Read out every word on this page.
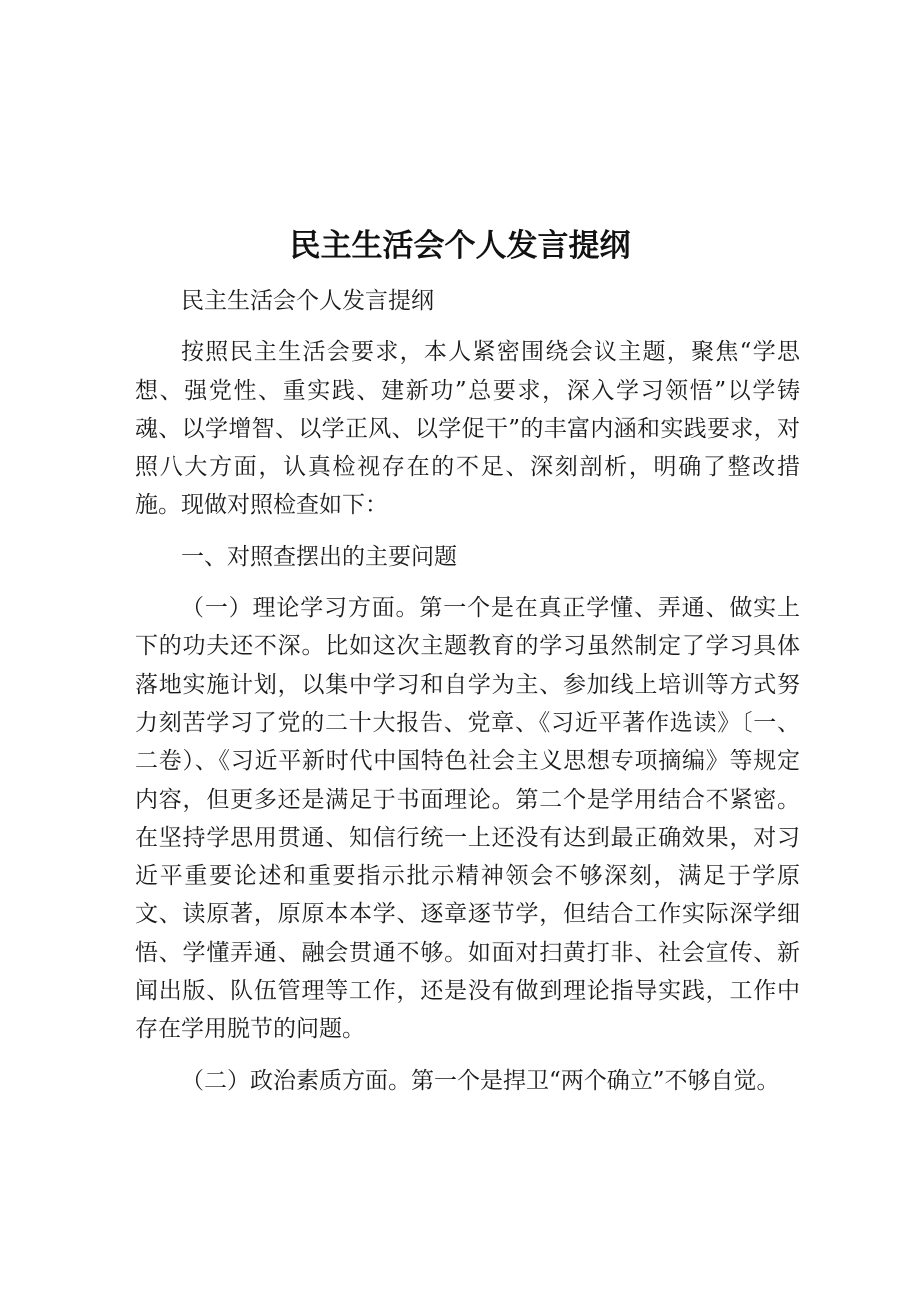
民主生活会个人发言提纲

民主生活会个人发言提纲

按照民主生活会要求，本人紧密围绕会议主题，聚焦“学思想、强党性、重实践、建新功”总要求，深入学习领悟”以学铸魂、以学增智、以学正风、以学促干”的丰富内涵和实践要求，对照八大方面，认真检视存在的不足、深刻剖析，明确了整改措施。现做对照检查如下：

一、对照查摆出的主要问题

（一）理论学习方面。第一个是在真正学懂、弄通、做实上下的功夫还不深。比如这次主题教育的学习虽然制定了学习具体落地实施计划，以集中学习和自学为主、参加线上培训等方式努力刻苦学习了党的二十大报告、党章、《习近平著作选读》〔一、二卷）、《习近平新时代中国特色社会主义思想专项摘编》等规定内容，但更多还是满足于书面理论。第二个是学用结合不紧密。在坚持学思用贯通、知信行统一上还没有达到最正确效果，对习近平重要论述和重要指示批示精神领会不够深刻，满足于学原文、读原著，原原本本学、逐章逐节学，但结合工作实际深学细悟、学懂弄通、融会贯通不够。如面对扫黄打非、社会宣传、新闻出版、队伍管理等工作，还是没有做到理论指导实践，工作中存在学用脱节的问题。

（二）政治素质方面。第一个是捍卫“两个确立”不够自觉。
